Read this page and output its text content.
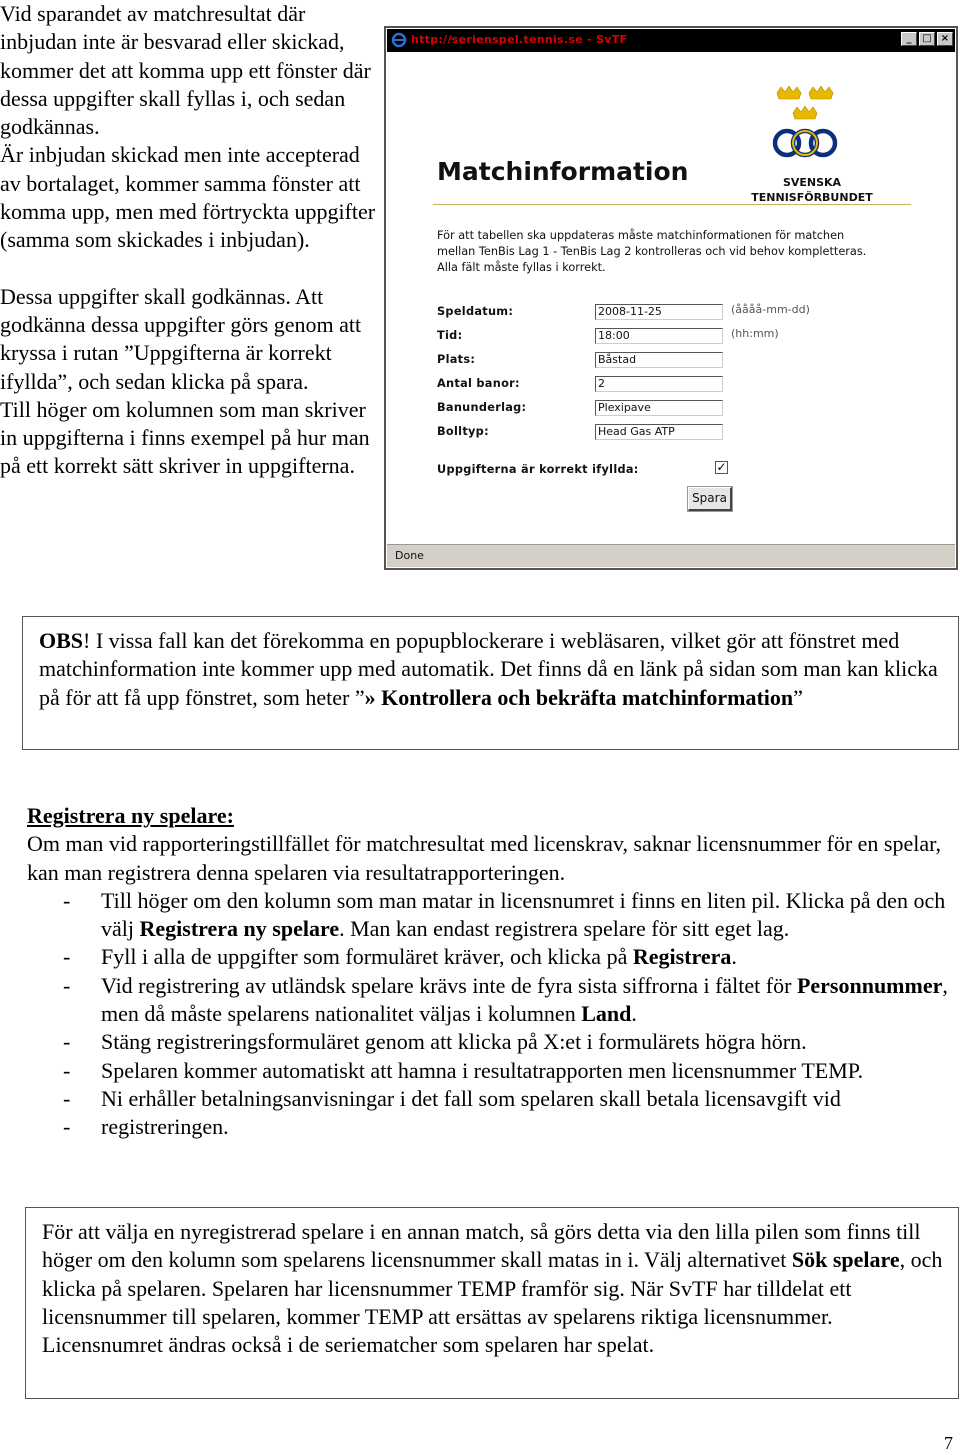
Vid sparandet av matchresultat där inbjudan inte är besvarad eller skickad, kommer det att komma upp ett fönster där dessa uppgifter skall fyllas i, och sedan godkännas.

Är inbjudan skickad men inte accepterad av bortalaget, kommer samma fönster att komma upp, men med förtryckta uppgifter (samma som skickades i inbjudan).

Dessa uppgifter skall godkännas. Att godkänna dessa uppgifter görs genom att kryssa i rutan ”Uppgifterna är korrekt ifyllda”, och sedan klicka på spara.

Till höger om kolumnen som man skriver in uppgifterna i finns exempel på hur man på ett korrekt sätt skriver in uppgifterna.

http://serienspel.tennis.se - SvTF	_	□ ×
Matchinformation	SVENSKA
TENNISFÖRBUNDET
För att tabellen ska uppdateras måste matchinformationen för matchen mellan TenBis Lag 1 - TenBis Lag 2 kontrolleras och vid behov kompletteras. Alla fält måste fyllas i korrekt.
Speldatum:	2008-11-25	(åååå-mm-dd)
Tid:	18:00	(hh:mm)
Plats:	Båstad
Antal banor:	2
Banunderlag:	Plexipave
Bolltyp:	Head Gas ATP
Uppgifterna är korrekt ifyllda:	✓
Spara
Done

OBS! I vissa fall kan det förekomma en popupblockerare i webläsaren, vilket gör att fönstret med matchinformation inte kommer upp med automatik. Det finns då en länk på sidan som man kan klicka på för att få upp fönstret, som heter ”» Kontrollera och bekräfta matchinformation”

Registrera ny spelare:

Om man vid rapporteringstillfället för matchresultat med licenskrav, saknar licensnummer för en spelar, kan man registrera denna spelaren via resultatrapporteringen.

- Till höger om den kolumn som man matar in licensnumret i finns en liten pil. Klicka på den och välj Registrera ny spelare. Man kan endast registrera spelare för sitt eget lag.
- Fyll i alla de uppgifter som formuläret kräver, och klicka på Registrera.
- Vid registrering av utländsk spelare krävs inte de fyra sista siffrorna i fältet för Personnummer, men då måste spelarens nationalitet väljas i kolumnen Land.
- Stäng registreringsformuläret genom att klicka på X:et i formulärets högra hörn.
- Spelaren kommer automatiskt att hamna i resultatrapporten men licensnummer TEMP.
- Ni erhåller betalningsanvisningar i det fall som spelaren skall betala licensavgift vid
- registreringen.

För att välja en nyregistrerad spelare i en annan match, så görs detta via den lilla pilen som finns till höger om den kolumn som spelarens licensnummer skall matas in i. Välj alternativet Sök spelare, och klicka på spelaren. Spelaren har licensnummer TEMP framför sig. När SvTF har tilldelat ett licensnummer till spelaren, kommer TEMP att ersättas av spelarens riktiga licensnummer. Licensnumret ändras också i de seriematcher som spelaren har spelat.

7
